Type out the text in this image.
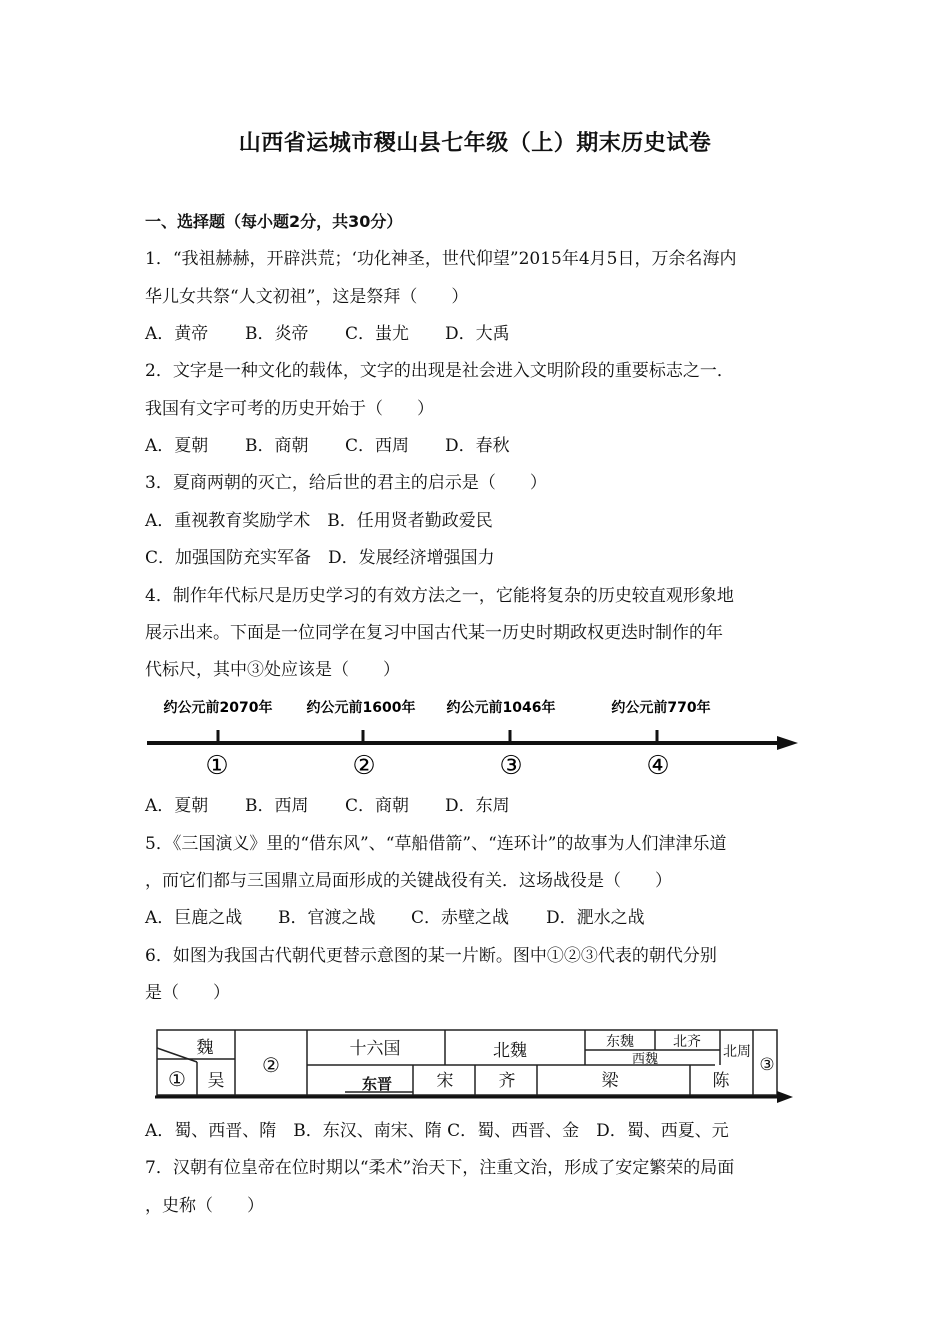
山西省运城市稷山县七年级（上）期末历史试卷
一、选择题（每小题2分，共30分）
1．“我祖赫赫，开辟洪荒；‘功化神圣，世代仰望”2015年4月5日，万余名海内
华儿女共祭“人文初祖”，这是祭拜（　　）
A．黄帝 B．炎帝 C．蚩尤 D．大禹
2．文字是一种文化的载体，文字的出现是社会进入文明阶段的重要标志之一．
我国有文字可考的历史开始于（　　）
A．夏朝 B．商朝 C．西周 D．春秋
3．夏商两朝的灭亡，给后世的君主的启示是（　　）
A．重视教育奖励学术　B．任用贤者勤政爱民
C．加强国防充实军备　D．发展经济增强国力
4．制作年代标尺是历史学习的有效方法之一，它能将复杂的历史较直观形象地
展示出来。下面是一位同学在复习中国古代某一历史时期政权更迭时制作的年
代标尺，其中③处应该是（　　）
约公元前2070年 约公元前1600年 约公元前1046年	约公元前770年
①	②	③	④
A．夏朝 B．西周 C．商朝 D．东周
5．《三国演义》里的“借东风”、“草船借箭”、“连环计”的故事为人们津津乐道
，而它们都与三国鼎立局面形成的关键战役有关．这场战役是（　　）
A．巨鹿之战 B．官渡之战 C．赤壁之战 D．淝水之战
6．如图为我国古代朝代更替示意图的某一片断。图中①②③代表的朝代分别
是（　　）
魏
① 吴
②
十六国	北魏	东魏	北齐
西魏	北周
③
东晋	宋	齐	梁	陈
A．蜀、西晋、隋　B．东汉、南宋、隋 C．蜀、西晋、金　D．蜀、西夏、元
7．汉朝有位皇帝在位时期以“柔术”治天下，注重文治，形成了安定繁荣的局面
，史称（　　）
